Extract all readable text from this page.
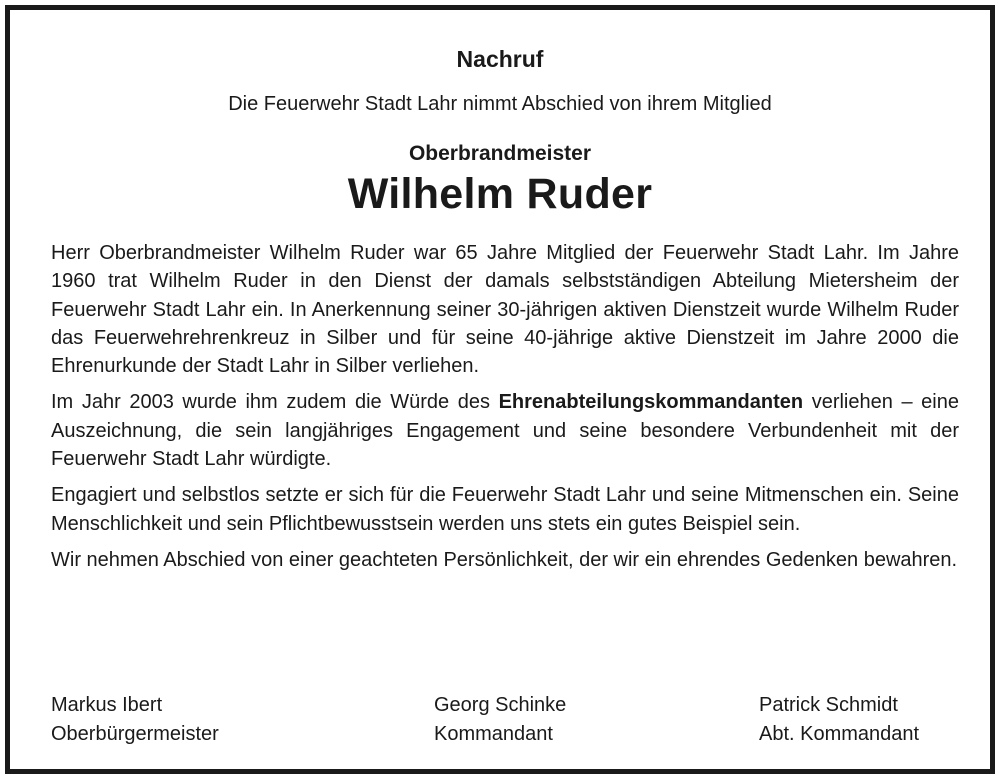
Nachruf
Die Feuerwehr Stadt Lahr nimmt Abschied von ihrem Mitglied
Oberbrandmeister
Wilhelm Ruder

Herr Oberbrandmeister Wilhelm Ruder war 65 Jahre Mitglied der Feuerwehr Stadt Lahr. Im Jahre 1960 trat Wilhelm Ruder in den Dienst der damals selbstständigen Abteilung Mietersheim der Feuerwehr Stadt Lahr ein. In Anerkennung seiner 30-jährigen aktiven Dienstzeit wurde Wilhelm Ruder das Feuerwehrehrenkreuz in Silber und für seine 40-jährige aktive Dienstzeit im Jahre 2000 die Ehrenurkunde der Stadt Lahr in Silber verliehen.

Im Jahr 2003 wurde ihm zudem die Würde des Ehrenabteilungskommandanten verliehen – eine Auszeichnung, die sein langjähriges Engagement und seine besondere Verbundenheit mit der Feuerwehr Stadt Lahr würdigte.

Engagiert und selbstlos setzte er sich für die Feuerwehr Stadt Lahr und seine Mitmenschen ein. Seine Menschlichkeit und sein Pflichtbewusstsein werden uns stets ein gutes Beispiel sein.

Wir nehmen Abschied von einer geachteten Persönlichkeit, der wir ein ehrendes Gedenken bewahren.

Markus Ibert
Oberbürgermeister
Georg Schinke
Kommandant
Patrick Schmidt
Abt. Kommandant
